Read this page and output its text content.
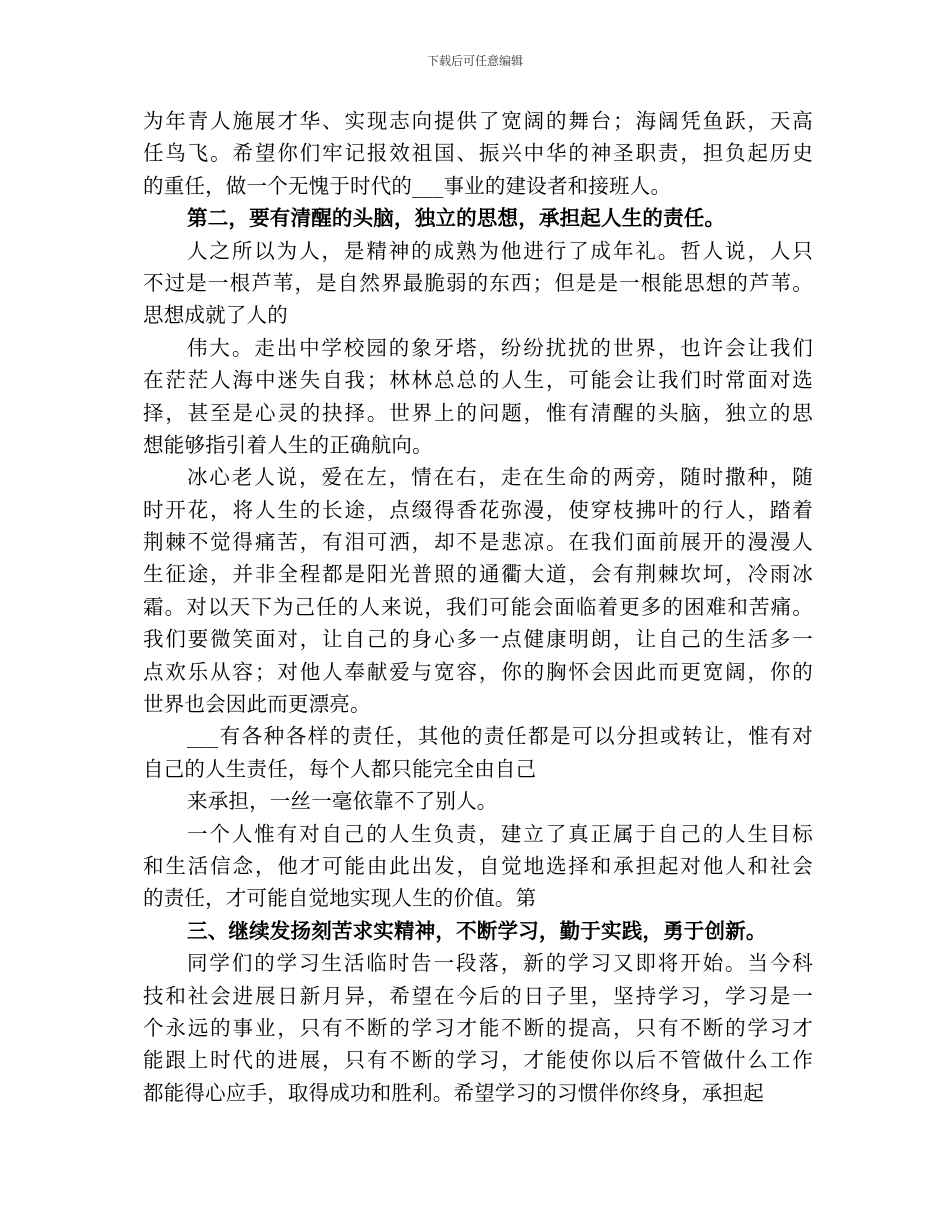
下载后可任意编辑
为年青人施展才华、实现志向提供了宽阔的舞台；海阔凭鱼跃，天高
任鸟飞。希望你们牢记报效祖国、振兴中华的神圣职责，担负起历史
的重任，做一个无愧于时代的___事业的建设者和接班人。
第二，要有清醒的头脑，独立的思想，承担起人生的责任。
人之所以为人，是精神的成熟为他进行了成年礼。哲人说，人只
不过是一根芦苇，是自然界最脆弱的东西；但是是一根能思想的芦苇。
思想成就了人的
伟大。走出中学校园的象牙塔，纷纷扰扰的世界，也许会让我们
在茫茫人海中迷失自我；林林总总的人生，可能会让我们时常面对选
择，甚至是心灵的抉择。世界上的问题，惟有清醒的头脑，独立的思
想能够指引着人生的正确航向。
冰心老人说，爱在左，情在右，走在生命的两旁，随时撒种，随
时开花，将人生的长途，点缀得香花弥漫，使穿枝拂叶的行人，踏着
荆棘不觉得痛苦，有泪可洒，却不是悲凉。在我们面前展开的漫漫人
生征途，并非全程都是阳光普照的通衢大道，会有荆棘坎坷，冷雨冰
霜。对以天下为己任的人来说，我们可能会面临着更多的困难和苦痛。
我们要微笑面对，让自己的身心多一点健康明朗，让自己的生活多一
点欢乐从容；对他人奉献爱与宽容，你的胸怀会因此而更宽阔，你的
世界也会因此而更漂亮。
___有各种各样的责任，其他的责任都是可以分担或转让，惟有对
自己的人生责任，每个人都只能完全由自己
来承担，一丝一毫依靠不了别人。
一个人惟有对自己的人生负责，建立了真正属于自己的人生目标
和生活信念，他才可能由此出发，自觉地选择和承担起对他人和社会
的责任，才可能自觉地实现人生的价值。第
三、继续发扬刻苦求实精神，不断学习，勤于实践，勇于创新。
同学们的学习生活临时告一段落，新的学习又即将开始。当今科
技和社会进展日新月异，希望在今后的日子里，坚持学习，学习是一
个永远的事业，只有不断的学习才能不断的提高，只有不断的学习才
能跟上时代的进展，只有不断的学习，才能使你以后不管做什么工作
都能得心应手，取得成功和胜利。希望学习的习惯伴你终身，承担起
